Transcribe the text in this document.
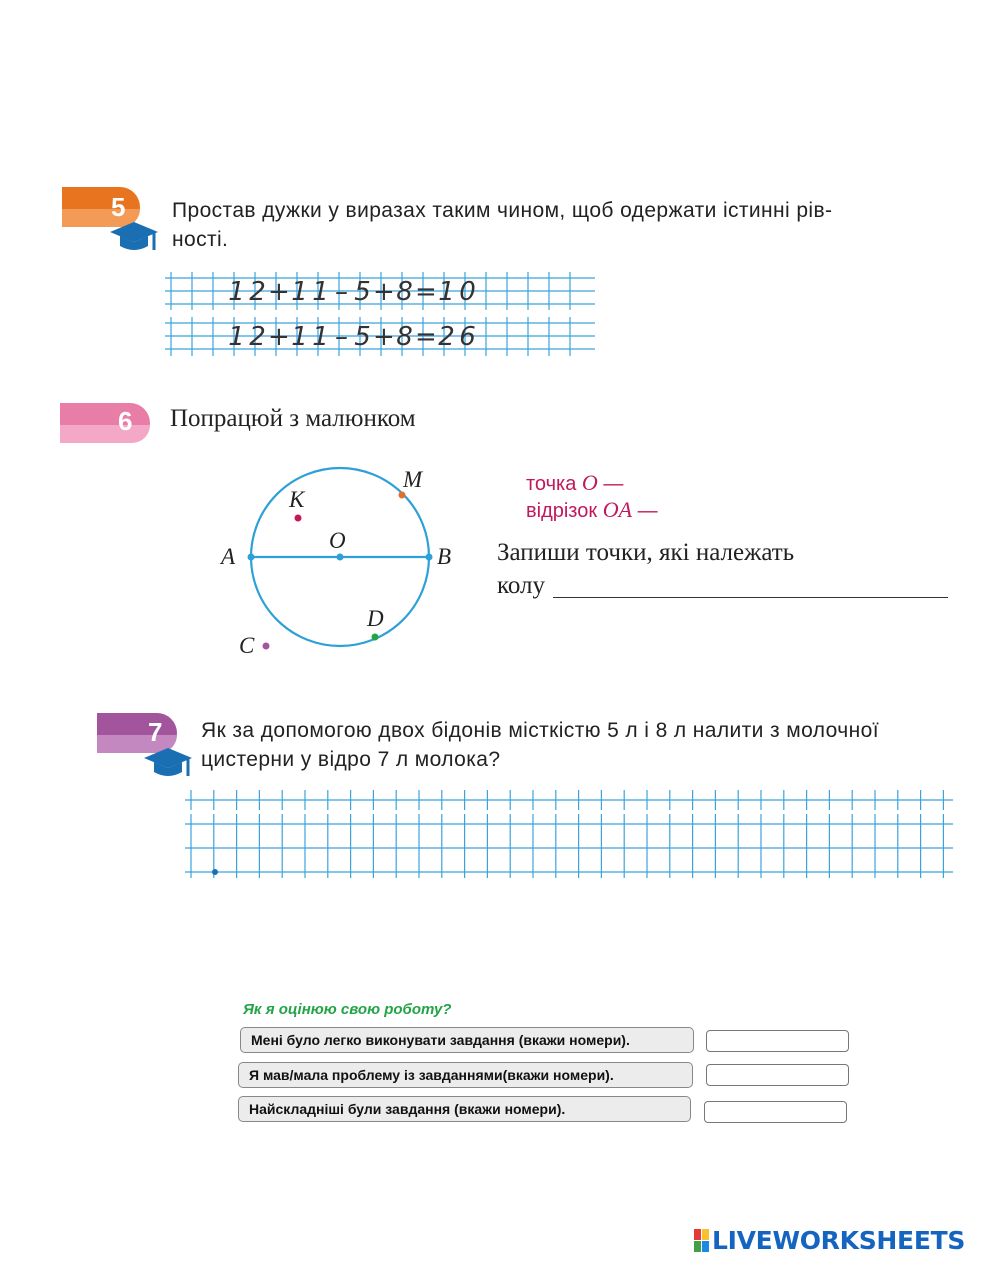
5 Простав дужки у виразах таким чином, щоб одержати істинні рів-
ності.
1 2 + 1 1 – 5 + 8 = 1 0
1 2 + 1 1 – 5 + 8 = 2 6
6 Попрацюй з малюнком
M
K
O
A	B
D
C
точка O —
відрізок OA —
Запиши точки, які належать
колу
7 Як за допомогою двох бідонів місткістю 5 л і 8 л налити з молочної
цистерни у відро 7 л молока?
Як я оцінюю свою роботу?
Мені було легко виконувати завдання (вкажи номери).
Я мав/мала проблему із завданнями(вкажи номери).
Найскладніші були завдання (вкажи номери).
LIVEWORKSHEETS
